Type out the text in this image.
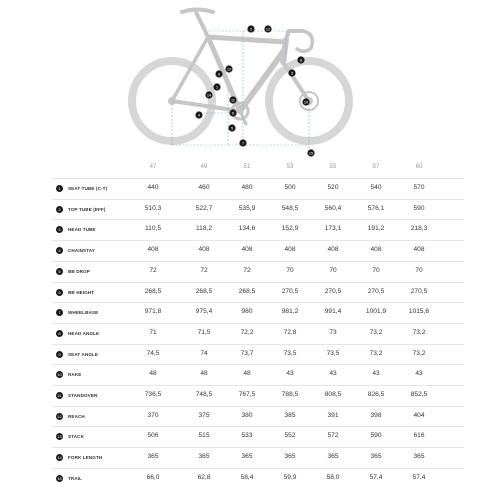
1
2
3
4
5
6
7
8
9
10
11
12
13
14
15
47	49	51	53	55	57	60
1	SEAT TUBE (C-T)	440	460	480	500	520	540	570
2	TOP TUBE (EFF)	510,3	522,7	535,9	548,5	560,4	576,1	590
3	HEAD TUBE	110,5	118,2	134,6	152,9	173,1	191,2	218,3
4	CHAINSTAY	408	408	408	408	408	408	408
5	BB DROP	72	72	72	70	70	70	70
6	BB HEIGHT	268,5	268,5	268,5	270,5	270,5	270,5	270,5
7	WHEELBASE	971,8	975,4	980	981,2	991,4	1001,9	1015,6
8	HEAD ANGLE	71	71,5	72,2	72,8	73	73,2	73,2
9	SEAT ANGLE	74,5	74	73,7	73,5	73,5	73,2	73,2
10 RAKE	48	48	48	43	43	43	43
11	STANDOVER	736,5	748,5	767,5	788,5	808,5	826,5	852,5
12 REACH	370	375	380	385	391	398	404
13 STACK	506	515	533	552	572	590	616
14 FORK LENGTH	365	365	365	365	365	365	365
15 TRAIL	66,0	62,8	58,4	59,9	58,0	57,4	57,4
